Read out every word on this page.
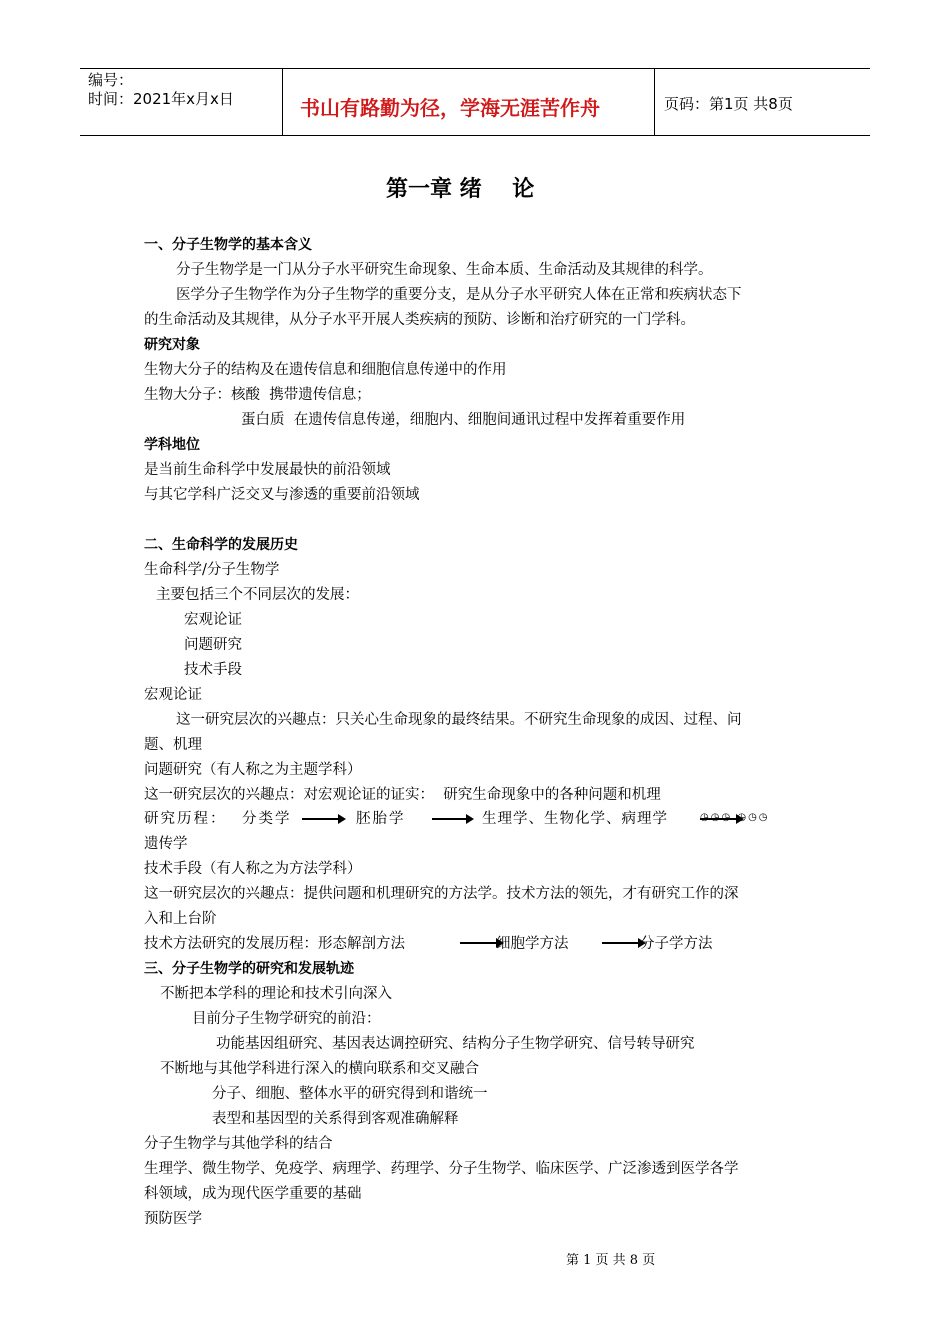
编号：
时间：2021年x月x日	书山有路勤为径，学海无涯苦作舟	页码：第1页 共8页
第一章 绪    论
一、分子生物学的基本含义
分子生物学是一门从分子水平研究生命现象、生命本质、生命活动及其规律的科学。
医学分子生物学作为分子生物学的重要分支，是从分子水平研究人体在正常和疾病状态下
的生命活动及其规律，从分子水平开展人类疾病的预防、诊断和治疗研究的一门学科。
研究对象
生物大分子的结构及在遗传信息和细胞信息传递中的作用
生物大分子：核酸  携带遗传信息；
蛋白质  在遗传信息传递，细胞内、细胞间通讯过程中发挥着重要作用
学科地位
是当前生命科学中发展最快的前沿领域
与其它学科广泛交叉与渗透的重要前沿领域
二、生命科学的发展历史
生命科学/分子生物学
主要包括三个不同层次的发展：
宏观论证
问题研究
技术手段
宏观论证
这一研究层次的兴趣点：只关心生命现象的最终结果。不研究生命现象的成因、过程、问
题、机理
问题研究（有人称之为主题学科）
这一研究层次的兴趣点：对宏观论证的证实：  研究生命现象中的各种问题和机理
研究历程： 分类学	胚胎学	生理学、生物化学、病理学	◷◷◷ ◷◷◷
遗传学
技术手段（有人称之为方法学科）
这一研究层次的兴趣点：提供问题和机理研究的方法学。技术方法的领先，才有研究工作的深
入和上台阶
技术方法研究的发展历程：形态解剖方法	细胞学方法	分子学方法
三、分子生物学的研究和发展轨迹
不断把本学科的理论和技术引向深入
目前分子生物学研究的前沿：
功能基因组研究、基因表达调控研究、结构分子生物学研究、信号转导研究
不断地与其他学科进行深入的横向联系和交叉融合
分子、细胞、整体水平的研究得到和谐统一
表型和基因型的关系得到客观准确解释
分子生物学与其他学科的结合
生理学、微生物学、免疫学、病理学、药理学、分子生物学、临床医学、广泛渗透到医学各学
科领域，成为现代医学重要的基础
预防医学
第 1 页 共 8 页
